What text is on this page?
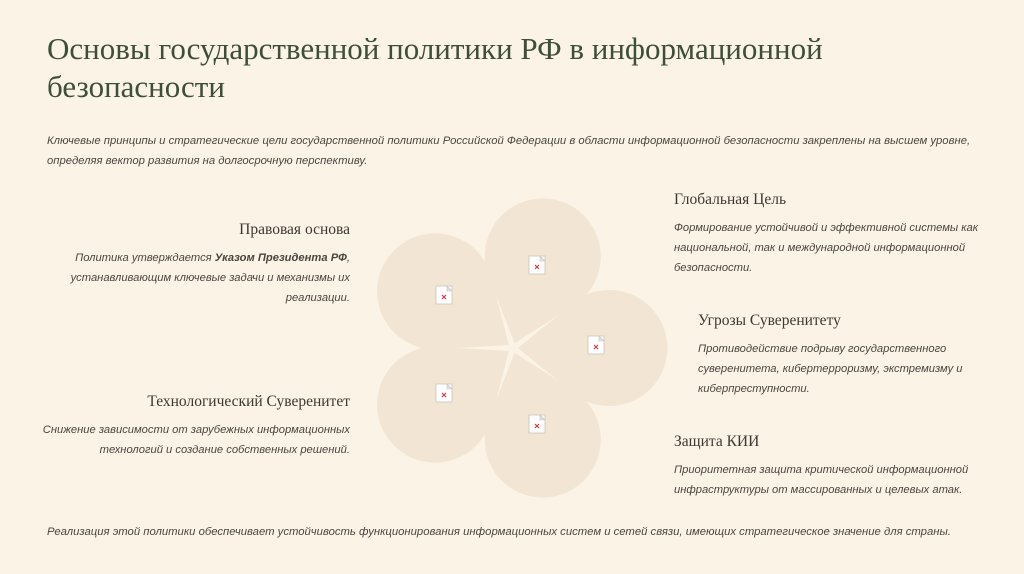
Основы государственной политики РФ в информационной безопасности
Ключевые принципы и стратегические цели государственной политики Российской Федерации в области информационной безопасности закреплены на высшем уровне, определяя вектор развития на долгосрочную перспективу.
Правовая основа
Политика утверждается Указом Президента РФ, устанавливающим ключевые задачи и механизмы их реализации.
Технологический Суверенитет
Снижение зависимости от зарубежных информационных технологий и создание собственных решений.
Глобальная Цель
Формирование устойчивой и эффективной системы как национальной, так и международной информационной безопасности.
Угрозы Суверенитету
Противодействие подрыву государственного суверенитета, кибертерроризму, экстремизму и киберпреступности.
Защита КИИ
Приоритетная защита критической информационной инфраструктуры от массированных и целевых атак.
Реализация этой политики обеспечивает устойчивость функционирования информационных систем и сетей связи, имеющих стратегическое значение для страны.
